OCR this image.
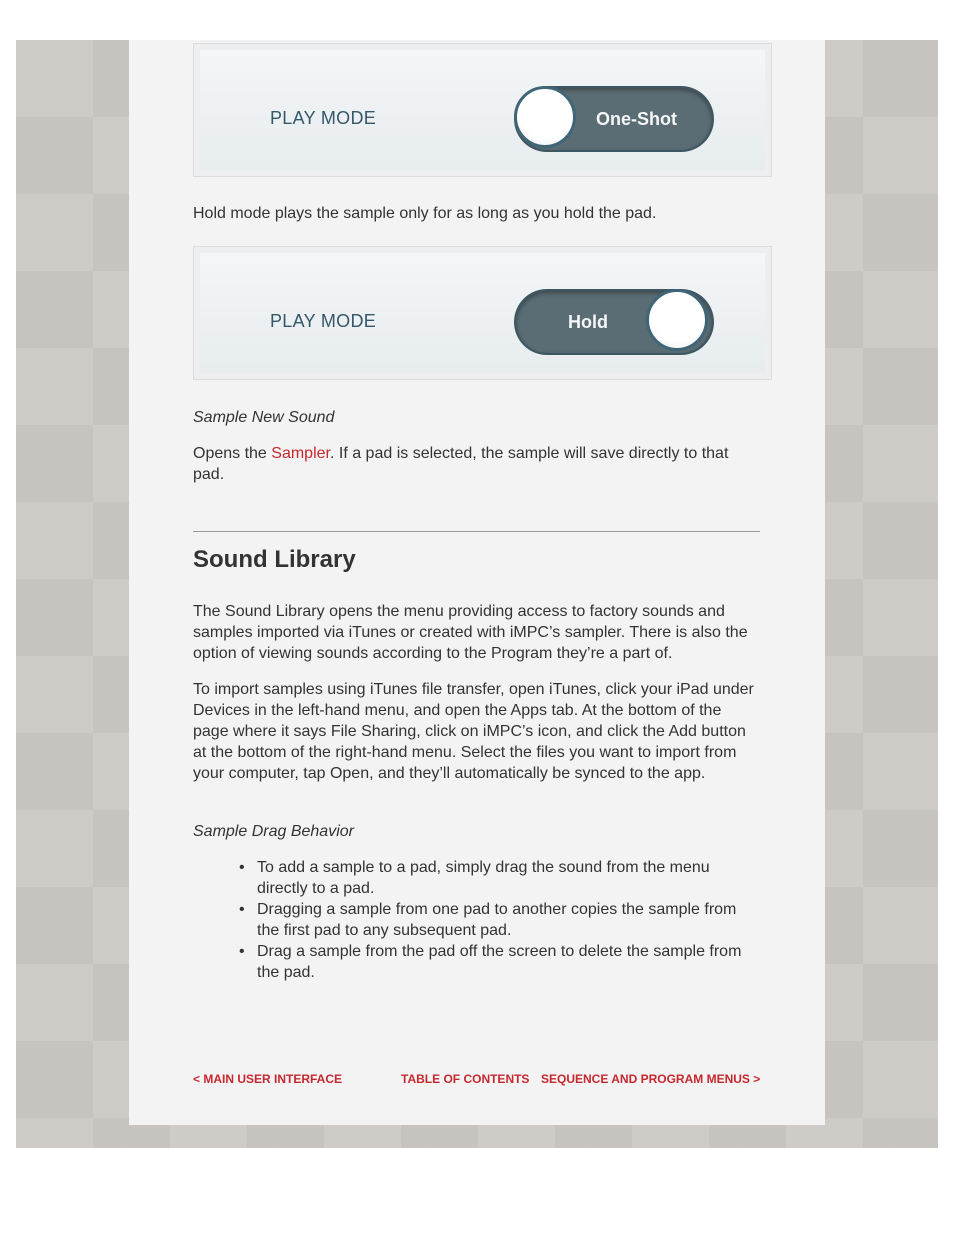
PLAY MODE	One-Shot

Hold mode plays the sample only for as long as you hold the pad.

PLAY MODE	Hold

Sample New Sound

Opens the Sampler. If a pad is selected, the sample will save directly to that pad.

Sound Library

The Sound Library opens the menu providing access to factory sounds and samples imported via iTunes or created with iMPC’s sampler. There is also the option of viewing sounds according to the Program they’re a part of.

To import samples using iTunes file transfer, open iTunes, click your iPad under Devices in the left-hand menu, and open the Apps tab. At the bottom of the page where it says File Sharing, click on iMPC’s icon, and click the Add button at the bottom of the right-hand menu. Select the files you want to import from your computer, tap Open, and they’ll automatically be synced to the app.

Sample Drag Behavior

• To add a sample to a pad, simply drag the sound from the menu directly to a pad.
• Dragging a sample from one pad to another copies the sample from the first pad to any subsequent pad.
• Drag a sample from the pad off the screen to delete the sample from the pad.
< MAIN USER INTERFACE	TABLE OF CONTENTS SEQUENCE AND PROGRAM MENUS >
